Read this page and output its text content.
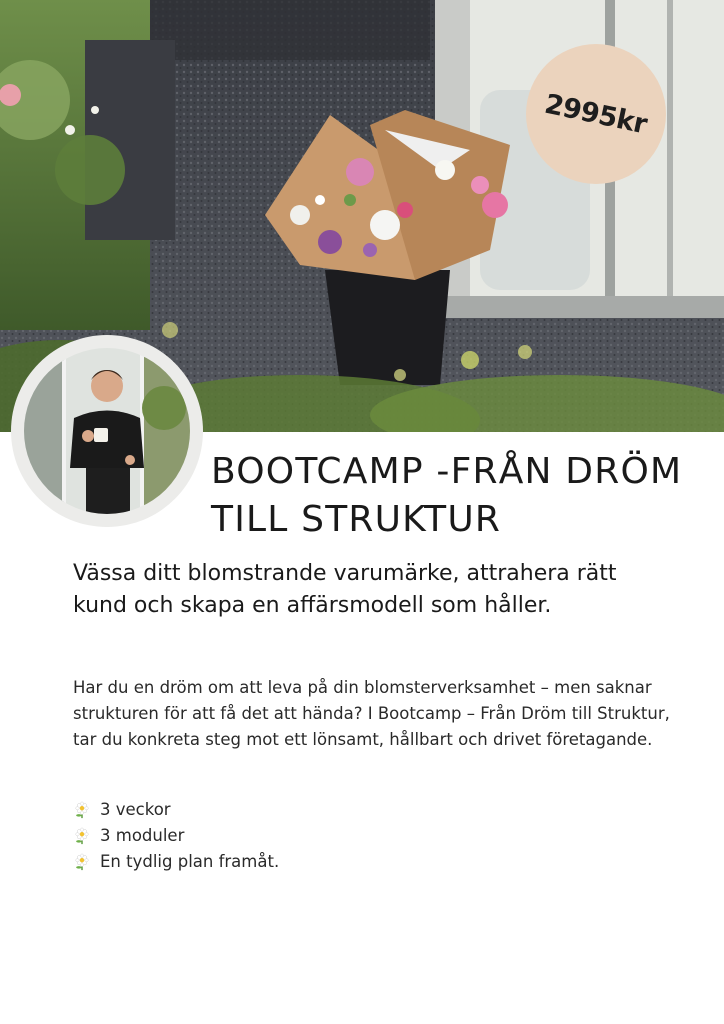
2995kr
BOOTCAMP -FRÅN DRÖM TILL STRUKTUR

Vässa ditt blomstrande varumärke, attrahera rätt kund och skapa en affärsmodell som håller.

Har du en dröm om att leva på din blomsterverksamhet – men saknar strukturen för att få det att hända? I Bootcamp – Från Dröm till Struktur, tar du konkreta steg mot ett lönsamt, hållbart och drivet företagande.

3 veckor
3 moduler
En tydlig plan framåt.
